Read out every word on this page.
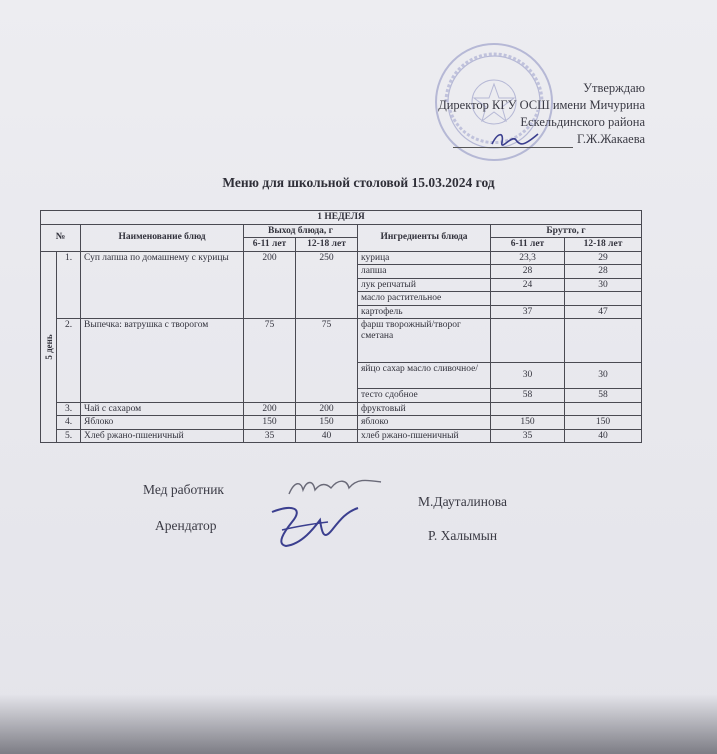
Утверждаю
Директор КГУ ОСШ имени Мичурина
Ескельдинского района
Г.Ж.Жакаева
Меню для школьной столовой 15.03.2024 год
1 НЕДЕЛЯ							
№		Наименование блюд	Выход блюда, г		Ингредиенты блюда	Брутто, г	
			6-11 лет	12-18 лет		6-11 лет	12-18 лет

5 день	1.	Суп лапша по домашнему с курицы	200	250	курица	23,3	29
					лапша	28	28
					лук репчатый	24	30
					масло растительное		
					картофель	37	47
	2.	Выпечка: ватрушка с творогом	75	75	фарш творожный/творог сметана		
					яйцо сахар масло сливочное/	30	30
					тесто сдобное	58	58
	3.	Чай с сахаром	200	200	фруктовый		
	4.	Яблоко	150	150	яблоко	150	150
	5.	Хлеб ржано-пшеничный	35	40	хлеб ржано-пшеничный	35	40
Мед работник
М.Дауталинова
Арендатор
Р. Халымын
